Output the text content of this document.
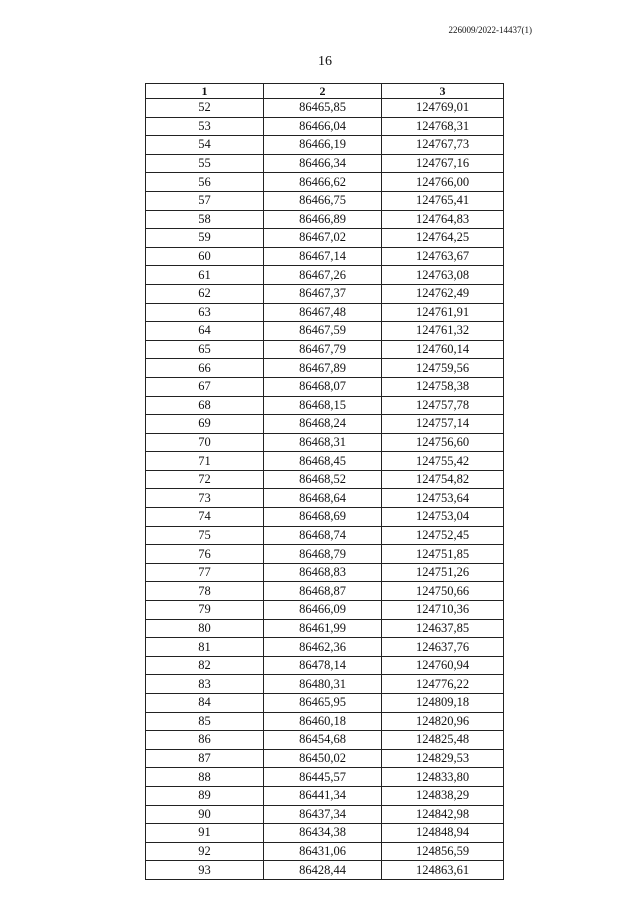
226009/2022-14437(1)
16
1	2	3
52	86465,85	124769,01
53	86466,04	124768,31
54	86466,19	124767,73
55	86466,34	124767,16
56	86466,62	124766,00
57	86466,75	124765,41
58	86466,89	124764,83
59	86467,02	124764,25
60	86467,14	124763,67
61	86467,26	124763,08
62	86467,37	124762,49
63	86467,48	124761,91
64	86467,59	124761,32
65	86467,79	124760,14
66	86467,89	124759,56
67	86468,07	124758,38
68	86468,15	124757,78
69	86468,24	124757,14
70	86468,31	124756,60
71	86468,45	124755,42
72	86468,52	124754,82
73	86468,64	124753,64
74	86468,69	124753,04
75	86468,74	124752,45
76	86468,79	124751,85
77	86468,83	124751,26
78	86468,87	124750,66
79	86466,09	124710,36
80	86461,99	124637,85
81	86462,36	124637,76
82	86478,14	124760,94
83	86480,31	124776,22
84	86465,95	124809,18
85	86460,18	124820,96
86	86454,68	124825,48
87	86450,02	124829,53
88	86445,57	124833,80
89	86441,34	124838,29
90	86437,34	124842,98
91	86434,38	124848,94
92	86431,06	124856,59
93	86428,44	124863,61
